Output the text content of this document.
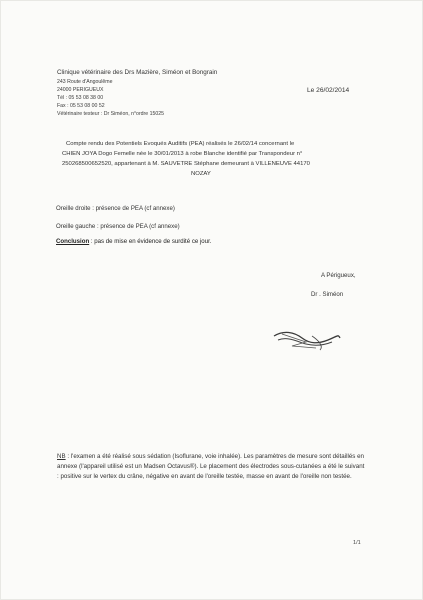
Clinique vétérinaire des Drs Mazière, Siméon et Bongrain
243 Route d'Angoulême
24000 PERIGUEUX
Tél : 05 53 08 38 00
Fax : 05 53 08 00 52
Vétérinaire testeur : Dr Siméon, n°ordre 15025
Le 26/02/2014
Compte rendu des Potentiels Evoqués Auditifs (PEA) réalisés le 26/02/14 concernant le
CHIEN JOYA Dogo Femelle née le 30/01/2013 à robe Blanche identifié par Transpondeur n°
250268500652520, appartenant à M. SAUVETRE Stéphane demeurant à VILLENEUVE 44170
NOZAY
Oreille droite : présence de PEA (cf annexe)
Oreille gauche : présence de PEA (cf annexe)
Conclusion : pas de mise en évidence de surdité ce jour.
A Périgueux,
Dr . Siméon
NB : l'examen a été réalisé sous sédation (Isoflurane, voie inhalée). Les paramètres de mesure sont détaillés en annexe (l'appareil utilisé est un Madsen Octavus®). Le placement des électrodes sous-cutanées a été le suivant : positive sur le vertex du crâne, négative en avant de l'oreille testée, masse en avant de l'oreille non testée.
1/1
